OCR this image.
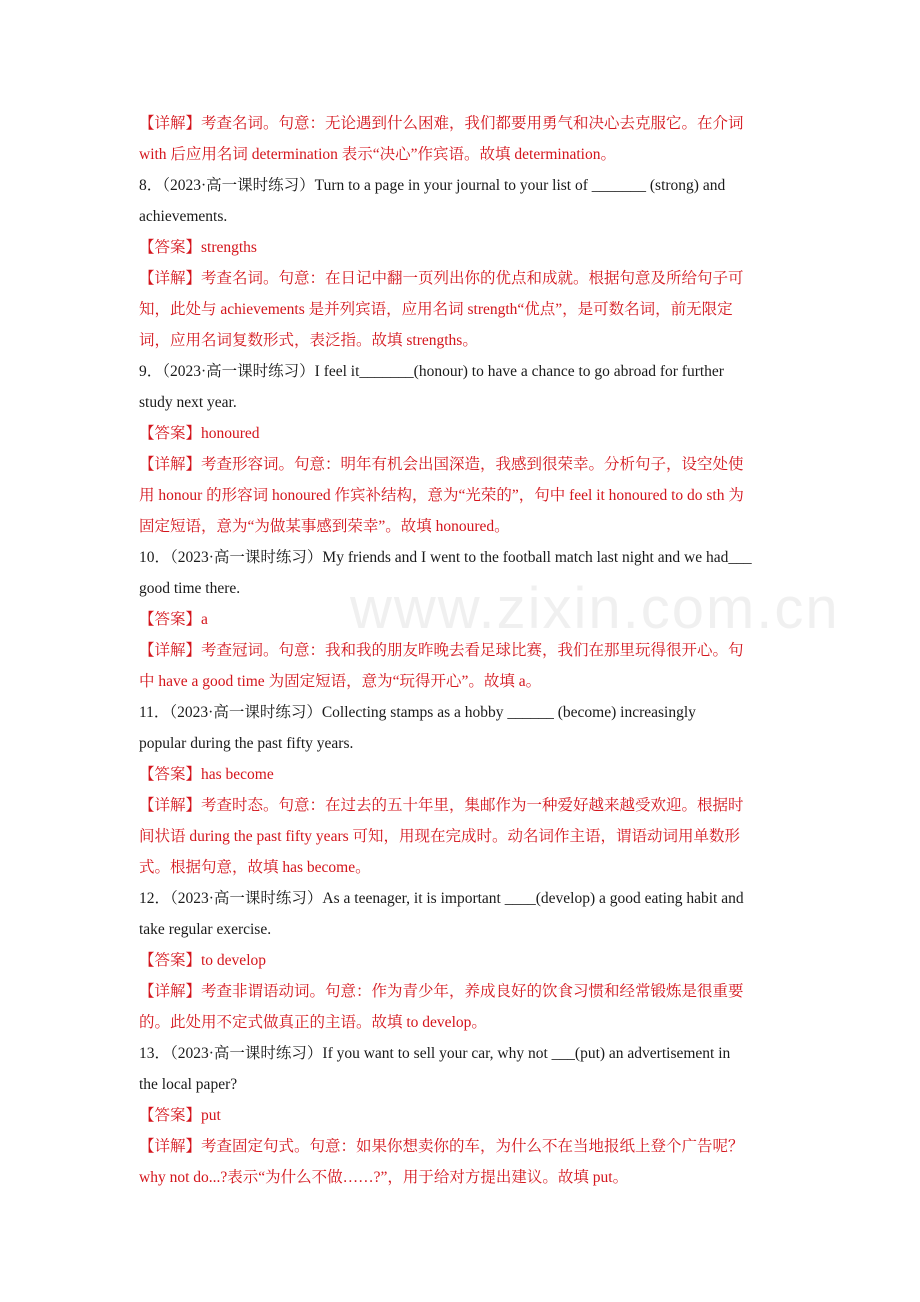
www.zixin.com.cn
【详解】考查名词。句意：无论遇到什么困难，我们都要用勇气和决心去克服它。在介词
with 后应用名词 determination 表示“决心”作宾语。故填 determination。
8．（2023·高一课时练习）Turn to a page in your journal to your list of _______ (strong) and
achievements.
【答案】strengths
【详解】考查名词。句意：在日记中翻一页列出你的优点和成就。根据句意及所给句子可
知，此处与 achievements 是并列宾语，应用名词 strength“优点”，是可数名词，前无限定
词，应用名词复数形式，表泛指。故填 strengths。
9．（2023·高一课时练习）I feel it_______(honour) to have a chance to go abroad for further
study next year.
【答案】honoured
【详解】考查形容词。句意：明年有机会出国深造，我感到很荣幸。分析句子，设空处使
用 honour 的形容词 honoured 作宾补结构，意为“光荣的”，句中 feel it honoured to do sth 为
固定短语，意为“为做某事感到荣幸”。故填 honoured。
10．（2023·高一课时练习）My friends and I went to the football match last night and we had___
good time there.
【答案】a
【详解】考查冠词。句意：我和我的朋友昨晚去看足球比赛，我们在那里玩得很开心。句
中 have a good time 为固定短语，意为“玩得开心”。故填 a。
11．（2023·高一课时练习）Collecting stamps as a hobby ______ (become) increasingly
popular during the past fifty years.
【答案】has become
【详解】考查时态。句意：在过去的五十年里，集邮作为一种爱好越来越受欢迎。根据时
间状语 during the past fifty years 可知，用现在完成时。动名词作主语，谓语动词用单数形
式。根据句意，故填 has become。
12．（2023·高一课时练习）As a teenager, it is important ____(develop) a good eating habit and
take regular exercise.
【答案】to develop
【详解】考查非谓语动词。句意：作为青少年，养成良好的饮食习惯和经常锻炼是很重要
的。此处用不定式做真正的主语。故填 to develop。
13．（2023·高一课时练习）If you want to sell your car, why not ___(put) an advertisement in
the local paper?
【答案】put
【详解】考查固定句式。句意：如果你想卖你的车，为什么不在当地报纸上登个广告呢？
why not do...?表示“为什么不做……?”，用于给对方提出建议。故填 put。
